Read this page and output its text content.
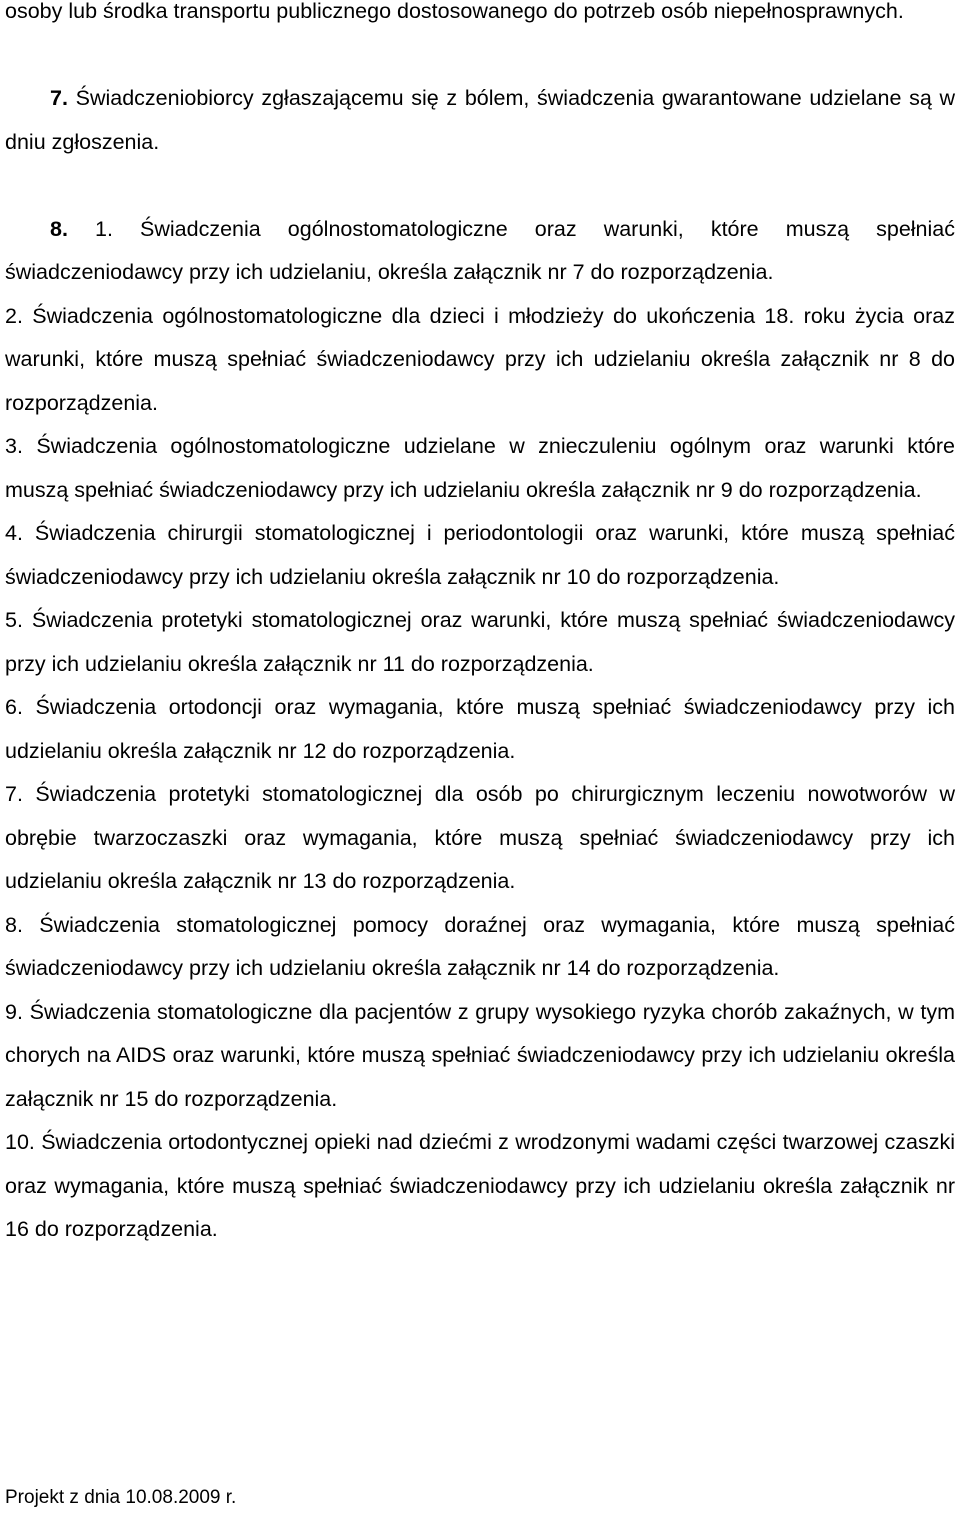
osoby lub środka transportu publicznego dostosowanego do potrzeb osób niepełnosprawnych.

7. Świadczeniobiorcy zgłaszającemu się z bólem, świadczenia gwarantowane udzielane są w dniu zgłoszenia.

8. 1. Świadczenia ogólnostomatologiczne oraz warunki, które muszą spełniać świadczeniodawcy przy ich udzielaniu, określa załącznik nr 7 do rozporządzenia.

2. Świadczenia ogólnostomatologiczne dla dzieci i młodzieży do ukończenia 18. roku życia oraz warunki, które muszą spełniać świadczeniodawcy przy ich udzielaniu określa załącznik nr 8 do rozporządzenia.

3. Świadczenia ogólnostomatologiczne udzielane w znieczuleniu ogólnym oraz warunki które muszą spełniać świadczeniodawcy przy ich udzielaniu określa załącznik nr 9 do rozporządzenia.

4. Świadczenia chirurgii stomatologicznej i periodontologii oraz warunki, które muszą spełniać świadczeniodawcy przy ich udzielaniu określa załącznik nr 10 do rozporządzenia.

5. Świadczenia protetyki stomatologicznej oraz warunki, które muszą spełniać świadczeniodawcy przy ich udzielaniu określa załącznik nr 11 do rozporządzenia.

6. Świadczenia ortodoncji oraz wymagania, które muszą spełniać świadczeniodawcy przy ich udzielaniu określa załącznik nr 12 do rozporządzenia.

7. Świadczenia protetyki stomatologicznej dla osób po chirurgicznym leczeniu nowotworów w obrębie twarzoczaszki oraz wymagania, które muszą spełniać świadczeniodawcy przy ich udzielaniu określa załącznik nr 13 do rozporządzenia.

8. Świadczenia stomatologicznej pomocy doraźnej oraz wymagania, które muszą spełniać świadczeniodawcy przy ich udzielaniu określa załącznik nr 14 do rozporządzenia.

9. Świadczenia stomatologiczne dla pacjentów z grupy wysokiego ryzyka chorób zakaźnych, w tym chorych na AIDS oraz warunki, które muszą spełniać świadczeniodawcy przy ich udzielaniu określa załącznik nr 15 do rozporządzenia.

10. Świadczenia ortodontycznej opieki nad dziećmi z wrodzonymi wadami części twarzowej czaszki oraz wymagania, które muszą spełniać świadczeniodawcy przy ich udzielaniu określa załącznik nr 16 do rozporządzenia.

Projekt z dnia 10.08.2009 r.
